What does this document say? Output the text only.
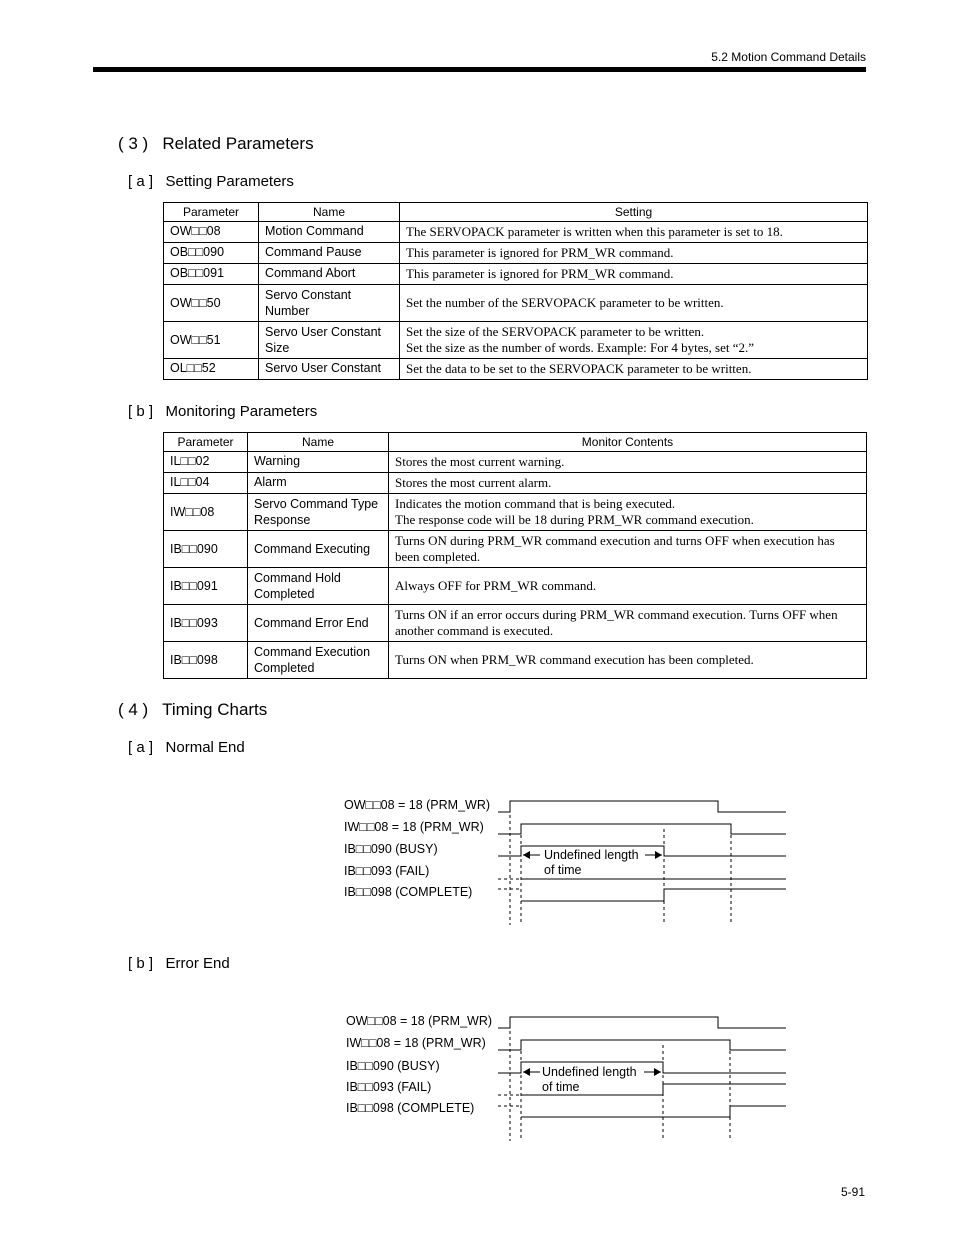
5.2 Motion Command Details
( 3 ) Related Parameters
[ a ] Setting Parameters
Parameter	Name	Setting
OW□□08	Motion Command	The SERVOPACK parameter is written when this parameter is set to 18.
OB□□090	Command Pause	This parameter is ignored for PRM_WR command.
OB□□091	Command Abort	This parameter is ignored for PRM_WR command.
OW□□50	Servo Constant Number	Set the number of the SERVOPACK parameter to be written.
OW□□51	Servo User Constant Size	Set the size of the SERVOPACK parameter to be written.
Set the size as the number of words. Example: For 4 bytes, set “2.”

OL□□52	Servo User Constant	Set the data to be set to the SERVOPACK parameter to be written.
[ b ] Monitoring Parameters
Parameter	Name	Monitor Contents
IL□□02	Warning	Stores the most current warning.
IL□□04	Alarm	Stores the most current alarm.
IW□□08	Servo Command Type Response	Indicates the motion command that is being executed.
The response code will be 18 during PRM_WR command execution.

IB□□090	Command Executing	Turns ON during PRM_WR command execution and turns OFF when execution has been completed.
IB□□091	Command Hold Completed	Always OFF for PRM_WR command.
IB□□093	Command Error End	Turns ON if an error occurs during PRM_WR command execution. Turns OFF when another command is executed.
IB□□098	Command Execution Completed	Turns ON when PRM_WR command execution has been completed.
( 4 ) Timing Charts
[ a ] Normal End
OW□□08 = 18 (PRM_WR)
IW□□08 = 18 (PRM_WR)
IB□□090 (BUSY)
IB□□093 (FAIL)
IB□□098 (COMPLETE)
Undefined length
of time
[ b ] Error End
OW□□08 = 18 (PRM_WR)
IW□□08 = 18 (PRM_WR)
IB□□090 (BUSY)
IB□□093 (FAIL)
IB□□098 (COMPLETE)
Undefined length
of time
5-91
